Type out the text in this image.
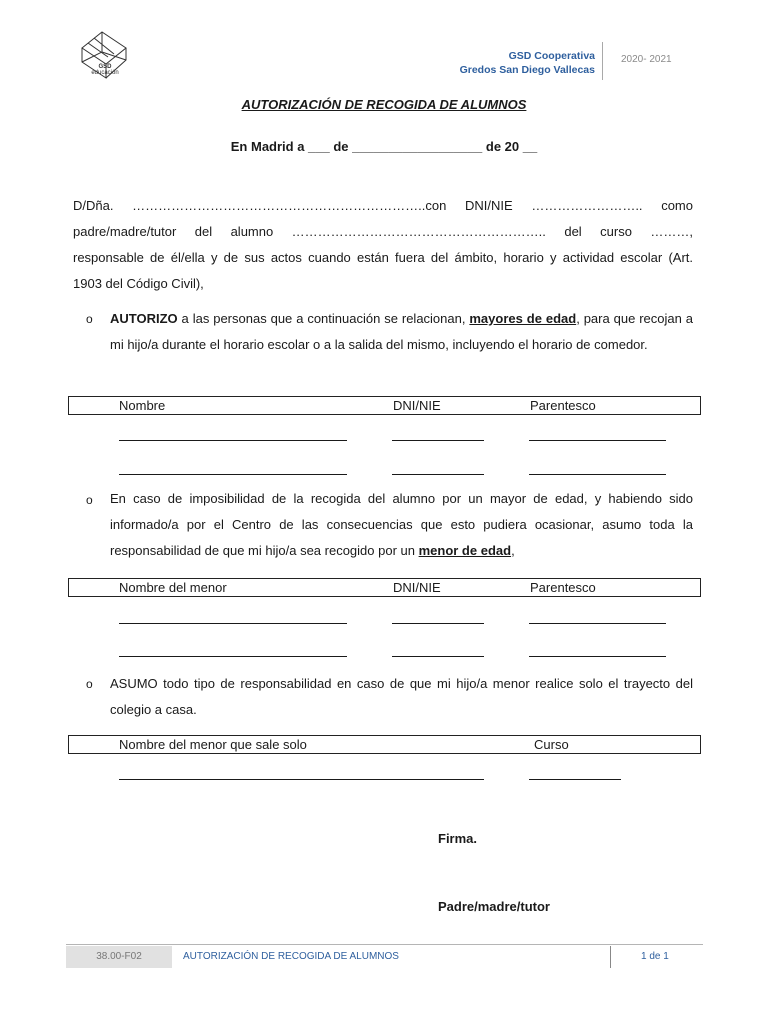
GSD
educación
GSD Cooperativa
Gredos San Diego Vallecas
2020- 2021
AUTORIZACIÓN DE RECOGIDA DE ALUMNOS
En Madrid a ___ de __________________ de 20 __
D/Dña. …………………………………………………………..con DNI/NIE …………………….. como
padre/madre/tutor del alumno ………………………………………………….. del curso ………,
responsable de él/ella y de sus actos cuando están fuera del ámbito, horario y actividad escolar (Art.
1903 del Código Civil),
o AUTORIZO a las personas que a continuación se relacionan, mayores de edad, para que recojan a mi hijo/a durante el horario escolar o a la salida del mismo, incluyendo el horario de comedor.
Nombre	DNI/NIE	Parentesco
o En caso de imposibilidad de la recogida del alumno por un mayor de edad, y habiendo sido informado/a por el Centro de las consecuencias que esto pudiera ocasionar, asumo toda la responsabilidad de que mi hijo/a sea recogido por un menor de edad,
Nombre del menor	DNI/NIE	Parentesco
o ASUMO todo tipo de responsabilidad en caso de que mi hijo/a menor realice solo el trayecto del colegio a casa.
Nombre del menor que sale solo	Curso
Firma.
Padre/madre/tutor
38.00-F02	AUTORIZACIÓN DE RECOGIDA DE ALUMNOS	1 de 1
